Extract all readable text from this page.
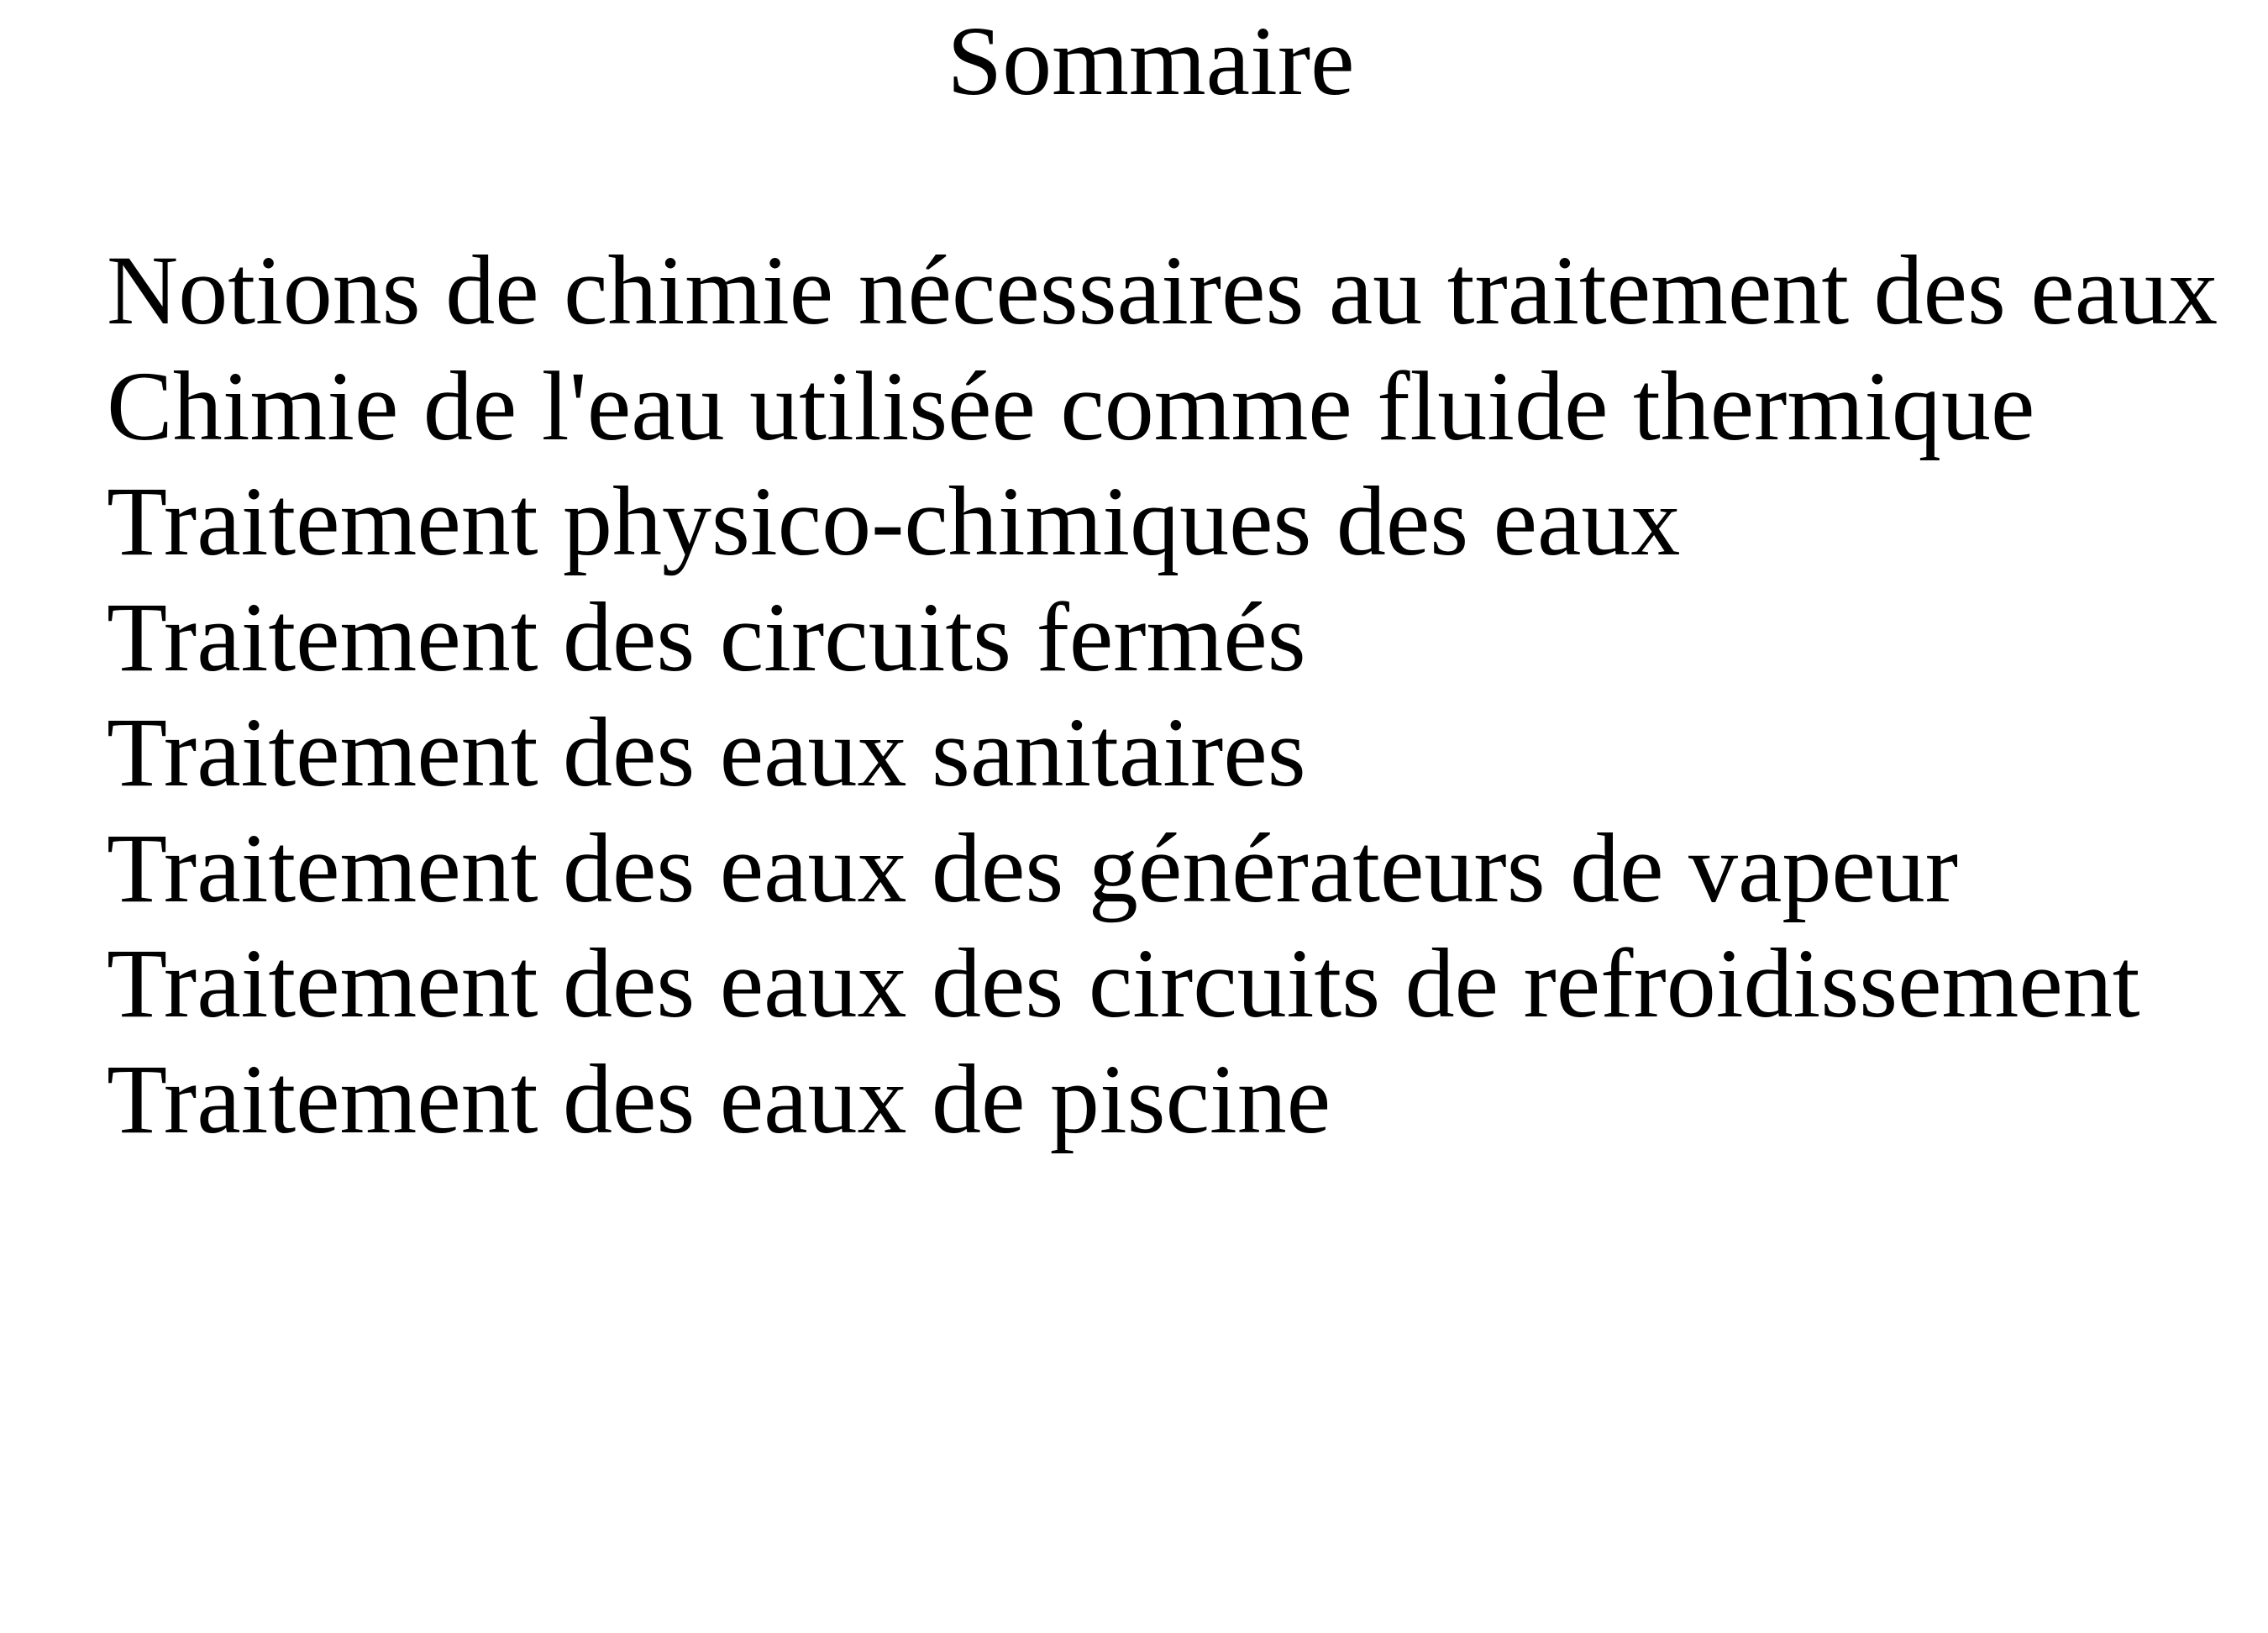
Sommaire
Notions de chimie nécessaires au traitement des eaux
Chimie de l'eau utilisée comme fluide thermique
Traitement physico-chimiques des eaux
Traitement des circuits fermés
Traitement des eaux sanitaires
Traitement des eaux des générateurs de vapeur
Traitement des eaux des circuits de refroidissement
Traitement des eaux de piscine
